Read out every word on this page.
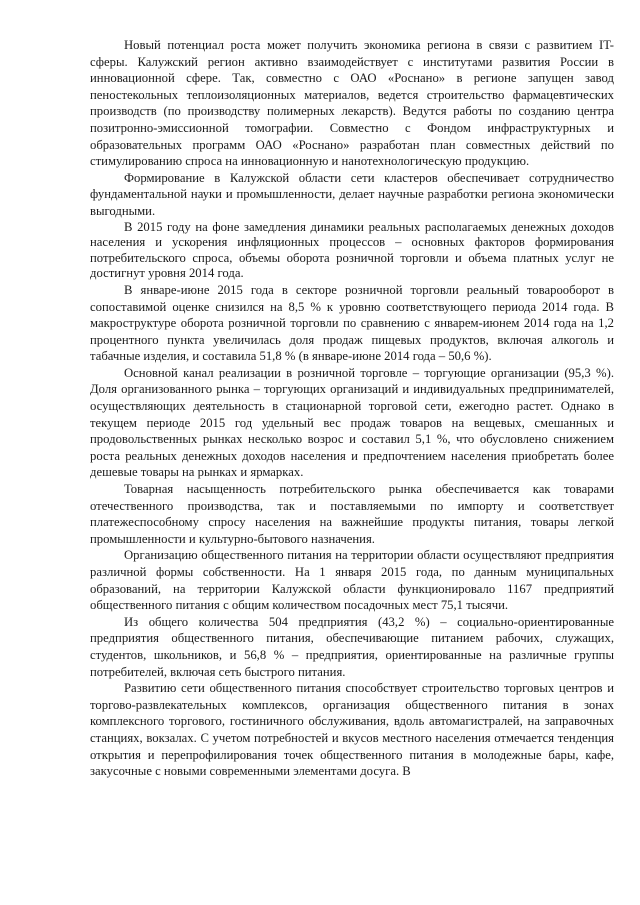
Новый потенциал роста может получить экономика региона в связи с развитием IT- сферы. Калужский регион активно взаимодействует с институтами развития России в инновационной сфере. Так, совместно с ОАО «Роснано» в регионе запущен завод пеностекольных теплоизоляционных материалов, ведется строительство фармацевтических производств (по производству полимерных лекарств). Ведутся работы по созданию центра позитронно-эмиссионной томографии. Совместно с Фондом инфраструктурных и образовательных программ ОАО «Роснано» разработан план совместных действий по стимулированию спроса на инновационную и нанотехнологическую продукцию.

Формирование в Калужской области сети кластеров обеспечивает сотрудничество фундаментальной науки и промышленности, делает научные разработки региона экономически выгодными.

В 2015 году на фоне замедления динамики реальных располагаемых денежных доходов населения и ускорения инфляционных процессов – основных факторов формирования потребительского спроса, объемы оборота розничной торговли и объема платных услуг не достигнут уровня 2014 года.

В январе-июне 2015 года в секторе розничной торговли реальный товарооборот в сопоставимой оценке снизился на 8,5 % к уровню соответствующего периода 2014 года. В макроструктуре оборота розничной торговли по сравнению с январем-июнем 2014 года на 1,2 процентного пункта увеличилась доля продаж пищевых продуктов, включая алкоголь и табачные изделия, и составила 51,8 % (в январе-июне 2014 года – 50,6 %).

Основной канал реализации в розничной торговле – торгующие организации (95,3 %). Доля организованного рынка – торгующих организаций и индивидуальных предпринимателей, осуществляющих деятельность в стационарной торговой сети, ежегодно растет. Однако в текущем периоде 2015 год удельный вес продаж товаров на вещевых, смешанных и продовольственных рынках несколько возрос и составил 5,1 %, что обусловлено снижением роста реальных денежных доходов населения и предпочтением населения приобретать более дешевые товары на рынках и ярмарках.

Товарная насыщенность потребительского рынка обеспечивается как товарами отечественного производства, так и поставляемыми по импорту и соответствует платежеспособному спросу населения на важнейшие продукты питания, товары легкой промышленности и культурно-бытового назначения.

Организацию общественного питания на территории области осуществляют предприятия различной формы собственности. На 1 января 2015 года, по данным муниципальных образований, на территории Калужской области функционировало 1167 предприятий общественного питания с общим количеством посадочных мест 75,1 тысячи.

Из общего количества 504 предприятия (43,2 %) – социально-ориентированные предприятия общественного питания, обеспечивающие питанием рабочих, служащих, студентов, школьников, и 56,8 % – предприятия, ориентированные на различные группы потребителей, включая сеть быстрого питания.

Развитию сети общественного питания способствует строительство торговых центров и торгово-развлекательных комплексов, организация общественного питания в зонах комплексного торгового, гостиничного обслуживания, вдоль автомагистралей, на заправочных станциях, вокзалах. С учетом потребностей и вкусов местного населения отмечается тенденция открытия и перепрофилирования точек общественного питания в молодежные бары, кафе, закусочные с новыми современными элементами досуга. В
